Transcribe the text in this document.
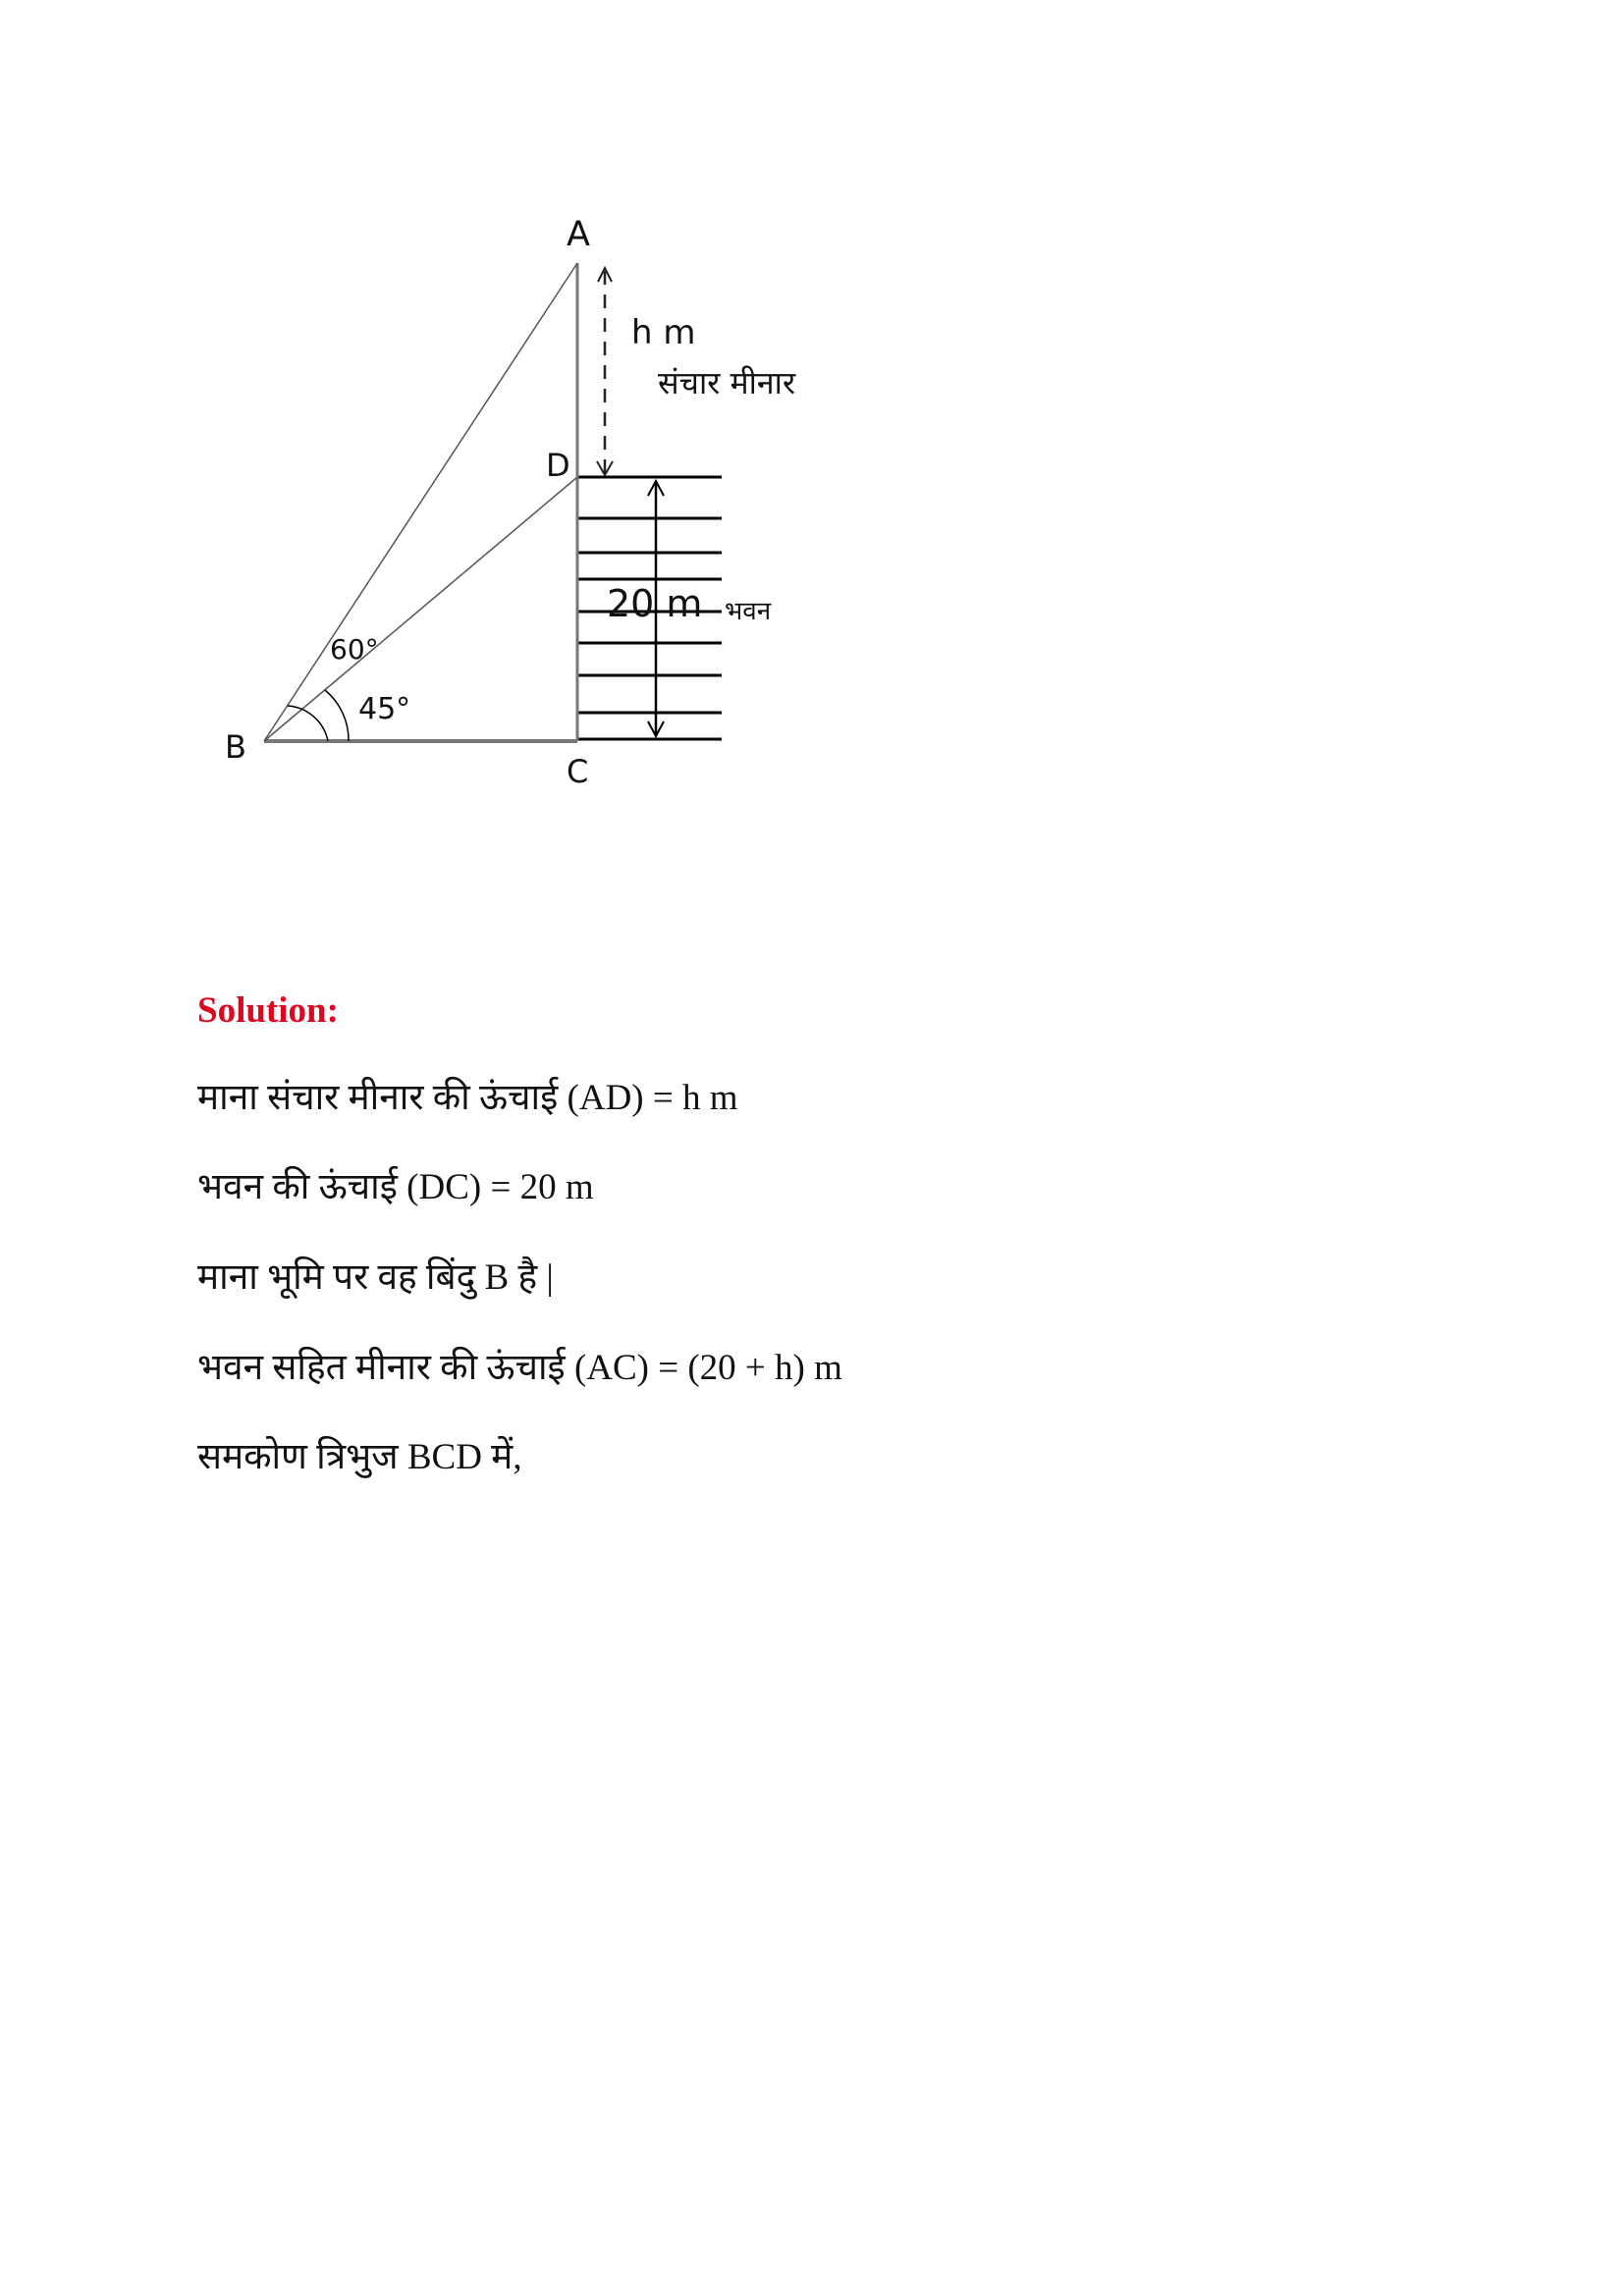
A
D
B
C
h m
संचार मीनार
20 m भवन
60°
45°
Solution:
माना संचार मीनार की ऊंचाई (AD) = h m
भवन की ऊंचाई (DC) = 20 m
माना भूमि पर वह बिंदु B है |
भवन सहित मीनार की ऊंचाई (AC) = (20 + h) m
समकोण त्रिभुज BCD में,
